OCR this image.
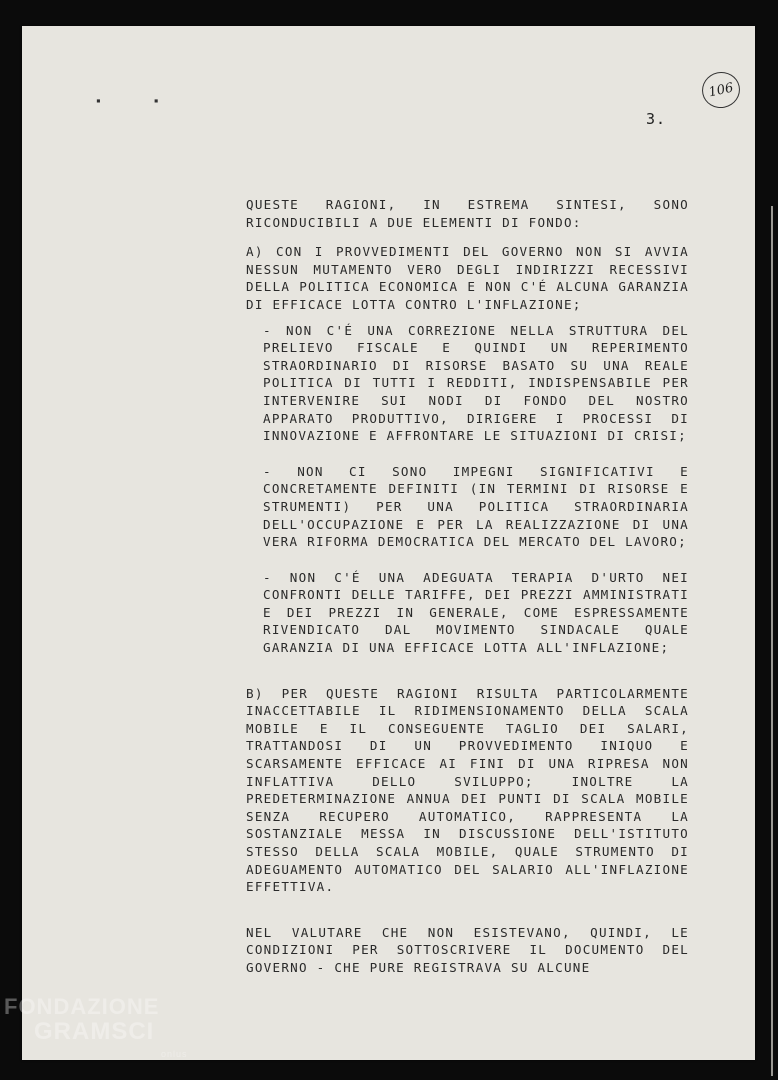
▪           ▪
106
3.

QUESTE RAGIONI, IN ESTREMA SINTESI, SONO RICONDUCIBILI A DUE ELEMENTI DI FONDO:

A) CON I PROVVEDIMENTI DEL GOVERNO NON SI AVVIA NESSUN MUTAMENTO VERO DEGLI INDIRIZZI RECESSIVI DELLA POLITICA ECONOMICA E NON C'É ALCUNA GARANZIA DI EFFICACE LOTTA CONTRO L'INFLAZIONE;

- NON C'É UNA CORREZIONE NELLA STRUTTURA DEL PRELIEVO FISCALE E QUINDI UN REPERIMENTO STRAORDINARIO DI RISORSE BASATO SU UNA REALE POLITICA DI TUTTI I REDDITI, INDISPENSABILE PER INTERVENIRE SUI NODI DI FONDO DEL NOSTRO APPARATO PRODUTTIVO, DIRIGERE I PROCESSI DI INNOVAZIONE E AFFRONTARE LE SITUAZIONI DI CRISI;

- NON CI SONO IMPEGNI SIGNIFICATIVI E CONCRETAMENTE DEFINITI (IN TERMINI DI RISORSE E STRUMENTI) PER UNA POLITICA STRAORDINARIA DELL'OCCUPAZIONE E PER LA REALIZZAZIONE DI UNA VERA RIFORMA DEMOCRATICA DEL MERCATO DEL LAVORO;

- NON C'É UNA ADEGUATA TERAPIA D'URTO NEI CONFRONTI DELLE TARIFFE, DEI PREZZI AMMINISTRATI E DEI PREZZI IN GENERALE, COME ESPRESSAMENTE RIVENDICATO DAL MOVIMENTO SINDACALE QUALE GARANZIA DI UNA EFFICACE LOTTA ALL'INFLAZIONE;

B) PER QUESTE RAGIONI RISULTA PARTICOLARMENTE INACCETTABILE IL RIDIMENSIONAMENTO DELLA SCALA MOBILE E IL CONSEGUENTE TAGLIO DEI SALARI, TRATTANDOSI DI UN PROVVEDIMENTO INIQUO E SCARSAMENTE EFFICACE AI FINI DI UNA RIPRESA NON INFLATTIVA DELLO SVILUPPO; INOLTRE LA PREDETERMINAZIONE ANNUA DEI PUNTI DI SCALA MOBILE SENZA RECUPERO AUTOMATICO, RAPPRESENTA LA SOSTANZIALE MESSA IN DISCUSSIONE DELL'ISTITUTO STESSO DELLA SCALA MOBILE, QUALE STRUMENTO DI ADEGUAMENTO AUTOMATICO DEL SALARIO ALL'INFLAZIONE EFFETTIVA.

NEL VALUTARE CHE NON ESISTEVANO, QUINDI, LE CONDIZIONI PER SOTTOSCRIVERE IL DOCUMENTO DEL GOVERNO - CHE PURE REGISTRAVA SU ALCUNE

FONDAZIONE
GRAMSCI
onlus
